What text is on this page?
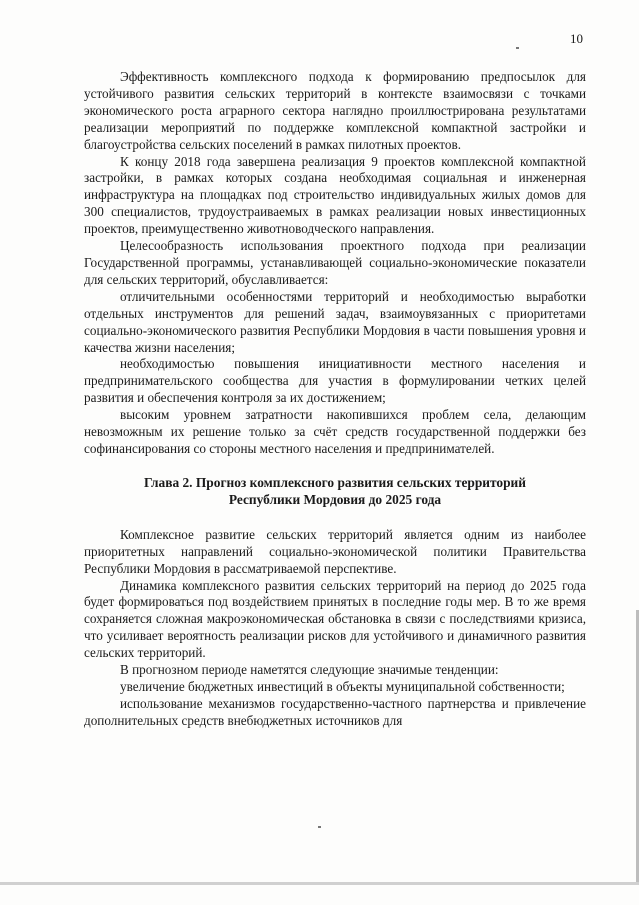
10

Эффективность комплексного подхода к формированию предпосылок для устойчивого развития сельских территорий в контексте взаимосвязи с точками экономического роста аграрного сектора наглядно проиллюстрирована результатами реализации мероприятий по поддержке комплексной компактной застройки и благоустройства сельских поселений в рамках пилотных проектов.

К концу 2018 года завершена реализация 9 проектов комплексной компактной застройки, в рамках которых создана необходимая социальная и инженерная инфраструктура на площадках под строительство индивидуальных жилых домов для 300 специалистов, трудоустраиваемых в рамках реализации новых инвестиционных проектов, преимущественно животноводческого направления.

Целесообразность использования проектного подхода при реализации Государственной программы, устанавливающей социально-экономические показатели для сельских территорий, обуславливается:

отличительными особенностями территорий и необходимостью выработки отдельных инструментов для решений задач, взаимоувязанных с приоритетами социально-экономического развития Республики Мордовия в части повышения уровня и качества жизни населения;

необходимостью повышения инициативности местного населения и предпринимательского сообщества для участия в формулировании четких целей развития и обеспечения контроля за их достижением;

высоким уровнем затратности накопившихся проблем села, делающим невозможным их решение только за счёт средств государственной поддержки без софинансирования со стороны местного населения и предпринимателей.

Глава 2. Прогноз комплексного развития сельских территорий
Республики Мордовия до 2025 года

Комплексное развитие сельских территорий является одним из наиболее приоритетных направлений социально-экономической политики Правительства Республики Мордовия в рассматриваемой перспективе.

Динамика комплексного развития сельских территорий на период до 2025 года будет формироваться под воздействием принятых в последние годы мер. В то же время сохраняется сложная макроэкономическая обстановка в связи с последствиями кризиса, что усиливает вероятность реализации рисков для устойчивого и динамичного развития сельских территорий.

В прогнозном периоде наметятся следующие значимые тенденции:

увеличение бюджетных инвестиций в объекты муниципальной собственности;

использование механизмов государственно-частного партнерства и привлечение дополнительных средств внебюджетных источников для
